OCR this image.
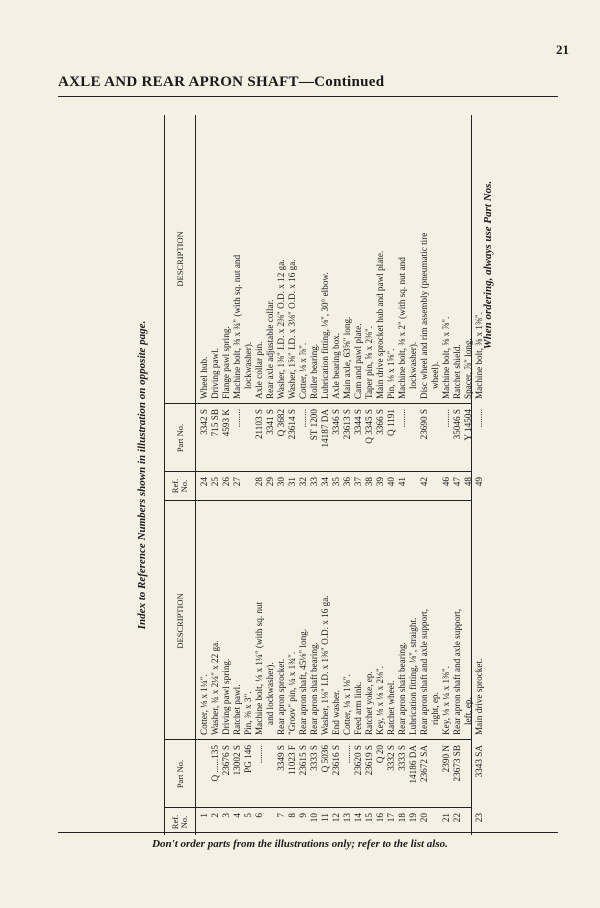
21
AXLE AND REAR APRON SHAFT—Continued
Index to Reference Numbers shown in illustration on opposite page.
Ref. No.
Part No.
DESCRIPTION
Ref. No.
Part No.
DESCRIPTION
1
Cotter, ⅛ x 1¼".
2
Q ......135
Washer, ¾ x 2¼" x 22 ga.
3
23676 S
Driving pawl spring.
4
13002 S
Ratchet pawl.
5
PG 146
Pin, ⅜ x 3".
6
........
Machine bolt, ⅛ x 1¼" (with sq. nut and lockwasher).
7
3349 S
Rear apron sprocket.
8
11023 F
"Groov" pin, ¼ x 1¾".
9
23615 S
Rear apron shaft, 45⅛" long.
10
3333 S
Rear apron shaft bearing.
11
Q 5036
Washer, 1⅛" I.D. x 1⅜" O.D. x 16 ga.
12
23616 S
End washer.
13
........
Cotter, ⅛ x 1⅛".
14
23620 S
Feed arm link.
15
23619 S
Ratchet yoke, ep.
16
Q 20
Key, ⅛ x ⅛ x 2⅛".
17
3332 S
Ratchet wheel.
18
3333 S
Rear apron shaft bearing.
19
14186 DA
Lubrication fitting, ⅛", straight.
20
23672 SA
Rear apron shaft and axle support, right, ep.
21
2390 N
Key, ⅛ x ¼ x 1⅜".
22
23673 SB
Rear apron shaft and axle support, left, ep.
23
3343 SA
Main drive sprocket.
24
3342 S
Wheel hub.
25
715 SB
Driving pawl.
26
4593 K
Flange pawl spring.
27
........
Machine bolt, ⅜ x ¾" (with sq. nut and lockwasher).
28
21103 S
Axle collar pin.
29
3341 S
Rear axle adjustable collar.
30
Q 3682
Washer, 1⅜" I.D. x 2⅜" O.D. x 12 ga.
31
23614 S
Washer, 1⅝" I.D. x 3⅛" O.D. x 16 ga.
32
........
Cotter, ⅛ x ⅞".
33
ST 1200
Roller bearing.
34
14187 DA
Lubrication fitting, ⅛", 30° elbow.
35
3346 S
Axle bearing box.
36
23613 S
Main axle, 63⅝" long.
37
3344 S
Cam and pawl plate.
38
Q 3345 S
Taper pin, ⅝ x 2⅜".
39
3366 S
Main drive sprocket hub and pawl plate.
40
Q 1191
Pin, ⅛ x 1⅝".
41
........
Machine bolt, ⅜ x 2" (with sq. nut and lockwasher).
42
23690 S
Disc wheel and rim assembly (pneumatic tire wheel).
46
........
Machine bolt, ⅝ x ⅞".
47
35046 S
Ratchet shield.
48
Y 14504
Spacer, ⅞" long.
49
........
Machine bolt, ⅜ x 1⅜".
When ordering, always use Part Nos.
Don't order parts from the illustrations only; refer to the list also.
